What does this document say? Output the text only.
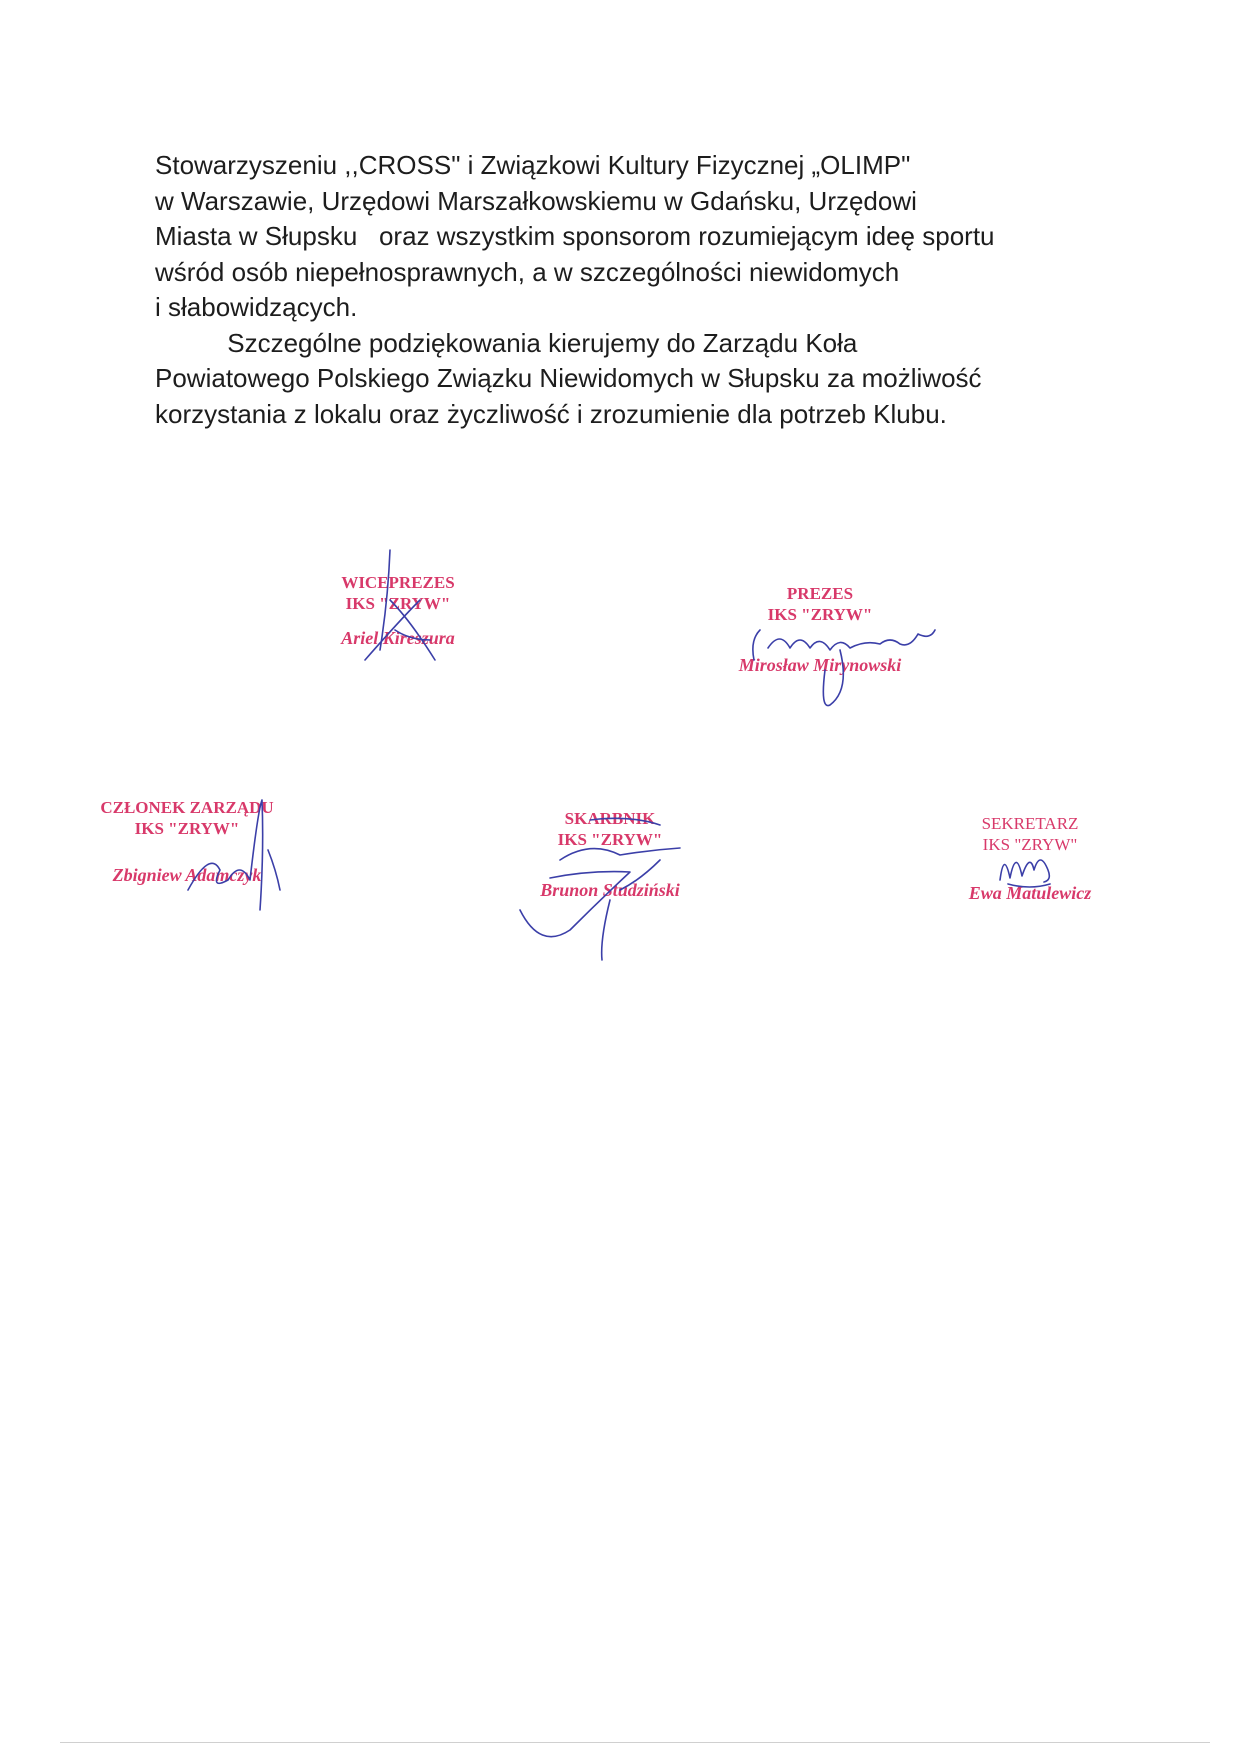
Stowarzyszeniu ,,CROSS" i Związkowi Kultury Fizycznej „OLIMP"
w Warszawie, Urzędowi Marszałkowskiemu w Gdańsku, Urzędowi
Miasta w Słupsku   oraz wszystkim sponsorom rozumiejącym ideę sportu
wśród osób niepełnosprawnych, a w szczególności niewidomych
i słabowidzących.
Szczególne podziękowania kierujemy do Zarządu Koła
Powiatowego Polskiego Związku Niewidomych w Słupsku za możliwość
korzystania z lokalu oraz życzliwość i zrozumienie dla potrzeb Klubu.
WICEPREZES
IKS "ZRYW"
Ariel Kireszura
PREZES
IKS "ZRYW"
Mirosław Mirynowski
CZŁONEK ZARZĄDU
IKS "ZRYW"
Zbigniew Adamczyk
SKARBNIK
IKS "ZRYW"
Brunon Studziński
SEKRETARZ
IKS "ZRYW"
Ewa Matulewicz
